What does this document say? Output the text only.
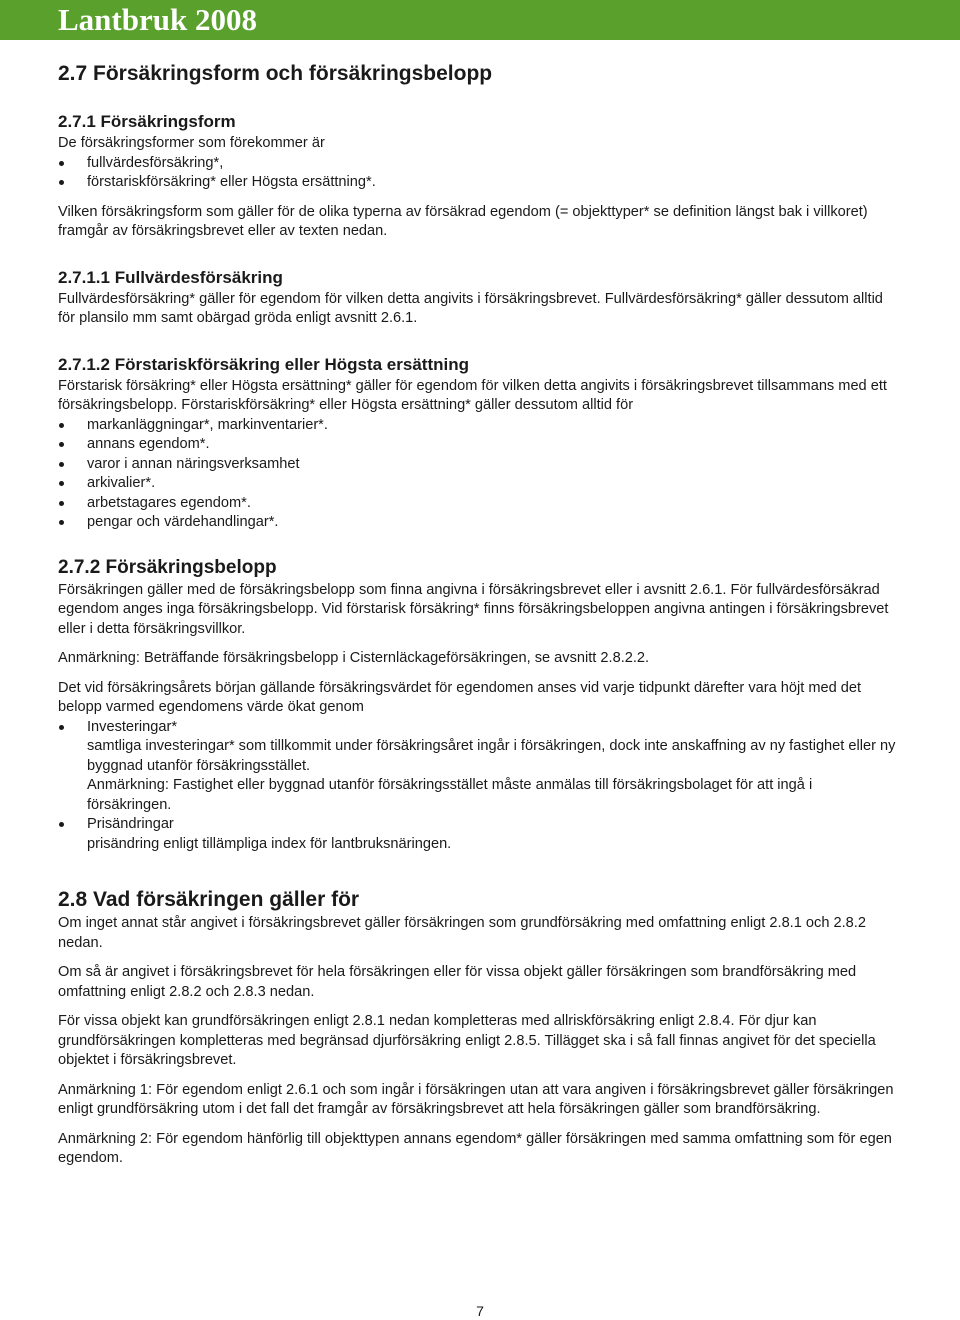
Lantbruk 2008
2.7 Försäkringsform och försäkringsbelopp
2.7.1 Försäkringsform

De försäkringsformer som förekommer är

fullvärdesförsäkring*,
förstariskförsäkring* eller Högsta ersättning*.

Vilken försäkringsform som gäller för de olika typerna av försäkrad egendom (= objekttyper* se definition längst bak i villkoret) framgår av försäkringsbrevet eller av texten nedan.

2.7.1.1 Fullvärdesförsäkring

Fullvärdesförsäkring* gäller för egendom för vilken detta angivits i försäkringsbrevet. Fullvärdesförsäkring* gäller dessutom alltid för plansilo mm samt obärgad gröda enligt avsnitt 2.6.1.

2.7.1.2 Förstariskförsäkring eller Högsta ersättning

Förstarisk försäkring* eller Högsta ersättning* gäller för egendom för vilken detta angivits i försäkringsbrevet tillsammans med ett försäkringsbelopp. Förstariskförsäkring* eller Högsta ersättning* gäller dessutom alltid för

markanläggningar*, markinventarier*.
annans egendom*.
varor i annan näringsverksamhet
arkivalier*.
arbetstagares egendom*.
pengar och värdehandlingar*.
2.7.2 Försäkringsbelopp

Försäkringen gäller med de försäkringsbelopp som finna angivna i försäkringsbrevet eller i avsnitt 2.6.1. För fullvärdesförsäkrad egendom anges inga försäkringsbelopp. Vid förstarisk försäkring* finns försäkringsbeloppen angivna antingen i försäkringsbrevet eller i detta försäkringsvillkor.

Anmärkning: Beträffande försäkringsbelopp i Cisternläckageförsäkringen, se avsnitt 2.8.2.2.

Det vid försäkringsårets början gällande försäkringsvärdet för egendomen anses vid varje tidpunkt därefter vara höjt med det belopp varmed egendomens värde ökat genom

Investeringar*

samtliga investeringar* som tillkommit under försäkringsåret ingår i försäkringen, dock inte anskaffning av ny fastighet eller ny byggnad utanför försäkringsstället.

Anmärkning: Fastighet eller byggnad utanför försäkringsstället måste anmälas till försäkringsbolaget för att ingå i försäkringen.

Prisändringar

prisändring enligt tillämpliga index för lantbruksnäringen.

2.8 Vad försäkringen gäller för

Om inget annat står angivet i försäkringsbrevet gäller försäkringen som grundförsäkring med omfattning enligt 2.8.1 och 2.8.2 nedan.

Om så är angivet i försäkringsbrevet för hela försäkringen eller för vissa objekt gäller försäkringen som brandförsäkring med omfattning enligt 2.8.2 och 2.8.3 nedan.

För vissa objekt kan grundförsäkringen enligt 2.8.1 nedan kompletteras med allriskförsäkring enligt 2.8.4. För djur kan grundförsäkringen kompletteras med begränsad djurförsäkring enligt 2.8.5. Tillägget ska i så fall finnas angivet för det speciella objektet i försäkringsbrevet.

Anmärkning 1: För egendom enligt 2.6.1 och som ingår i försäkringen utan att vara angiven i försäkringsbrevet gäller försäkringen enligt grundförsäkring utom i det fall det framgår av försäkringsbrevet att hela försäkringen gäller som brandförsäkring.

Anmärkning 2: För egendom hänförlig till objekttypen annans egendom* gäller försäkringen med samma omfattning som för egen egendom.

7
